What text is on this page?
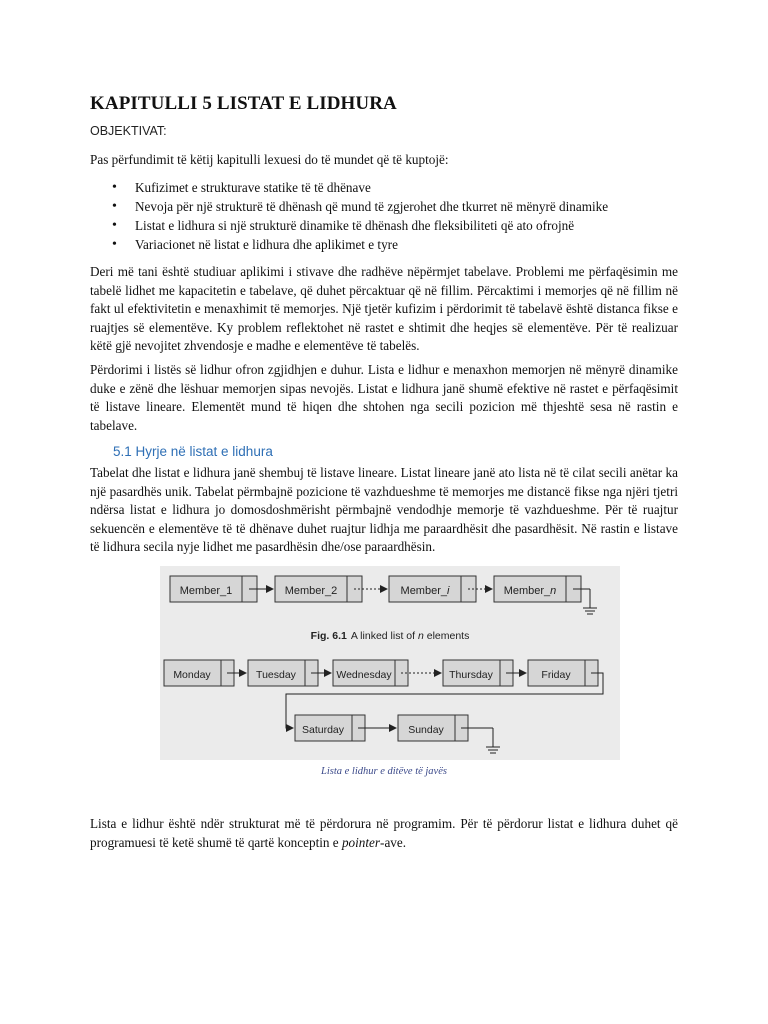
KAPITULLI 5 LISTAT E LIDHURA
OBJEKTIVAT:

Pas përfundimit të këtij kapitulli lexuesi do të mundet që të kuptojë:

• Kufizimet e strukturave statike të të dhënave
• Nevoja për një strukturë të dhënash që mund të zgjerohet dhe tkurret në mënyrë dinamike
• Listat e lidhura si një strukturë dinamike të dhënash dhe fleksibiliteti që ato ofrojnë
• Variacionet në listat e lidhura dhe aplikimet e tyre

Deri më tani është studiuar aplikimi i stivave dhe radhëve nëpërmjet tabelave. Problemi me përfaqësimin me tabelë lidhet me kapacitetin e tabelave, që duhet përcaktuar që në fillim. Përcaktimi i memorjes që në fillim në fakt ul efektivitetin e menaxhimit të memorjes. Një tjetër kufizim i përdorimit të tabelavë është distanca fikse e ruajtjes së elementëve. Ky problem reflektohet në rastet e shtimit dhe heqjes së elementëve. Për të realizuar këtë gjë nevojitet zhvendosje e madhe e elementëve të tabelës.

Përdorimi i listës së lidhur ofron zgjidhjen e duhur. Lista e lidhur e menaxhon memorjen në mënyrë dinamike duke e zënë dhe lëshuar memorjen sipas nevojës. Listat e lidhura janë shumë efektive në rastet e përfaqësimit të listave lineare. Elementët mund të hiqen dhe shtohen nga secili pozicion më thjeshtë sesa në rastin e tabelave.

5.1 Hyrje në listat e lidhura

Tabelat dhe listat e lidhura janë shembuj të listave lineare. Listat lineare janë ato lista në të cilat secili anëtar ka një pasardhës unik. Tabelat përmbajnë pozicione të vazhdueshme të memorjes me distancë fikse nga njëri tjetri ndërsa listat e lidhura jo domosdoshmërisht përmbajnë vendodhje memorje të vazhdueshme. Për të ruajtur sekuencën e elementëve të të dhënave duhet ruajtur lidhja me paraardhësit dhe pasardhësit. Në rastin e listave të lidhura secila nyje lidhet me pasardhësin dhe/ose paraardhësin.

Member_1	Member_2	Member_i	Member_n
Fig. 6.1 A linked list of n elements
Monday	Tuesday	Wednesday	Thursday	Friday
Saturday	Sunday
Lista e lidhur e ditëve të javës

Lista e lidhur është ndër strukturat më të përdorura në programim. Për të përdorur listat e lidhura duhet që programuesi të ketë shumë të qartë konceptin e pointer-ave.
